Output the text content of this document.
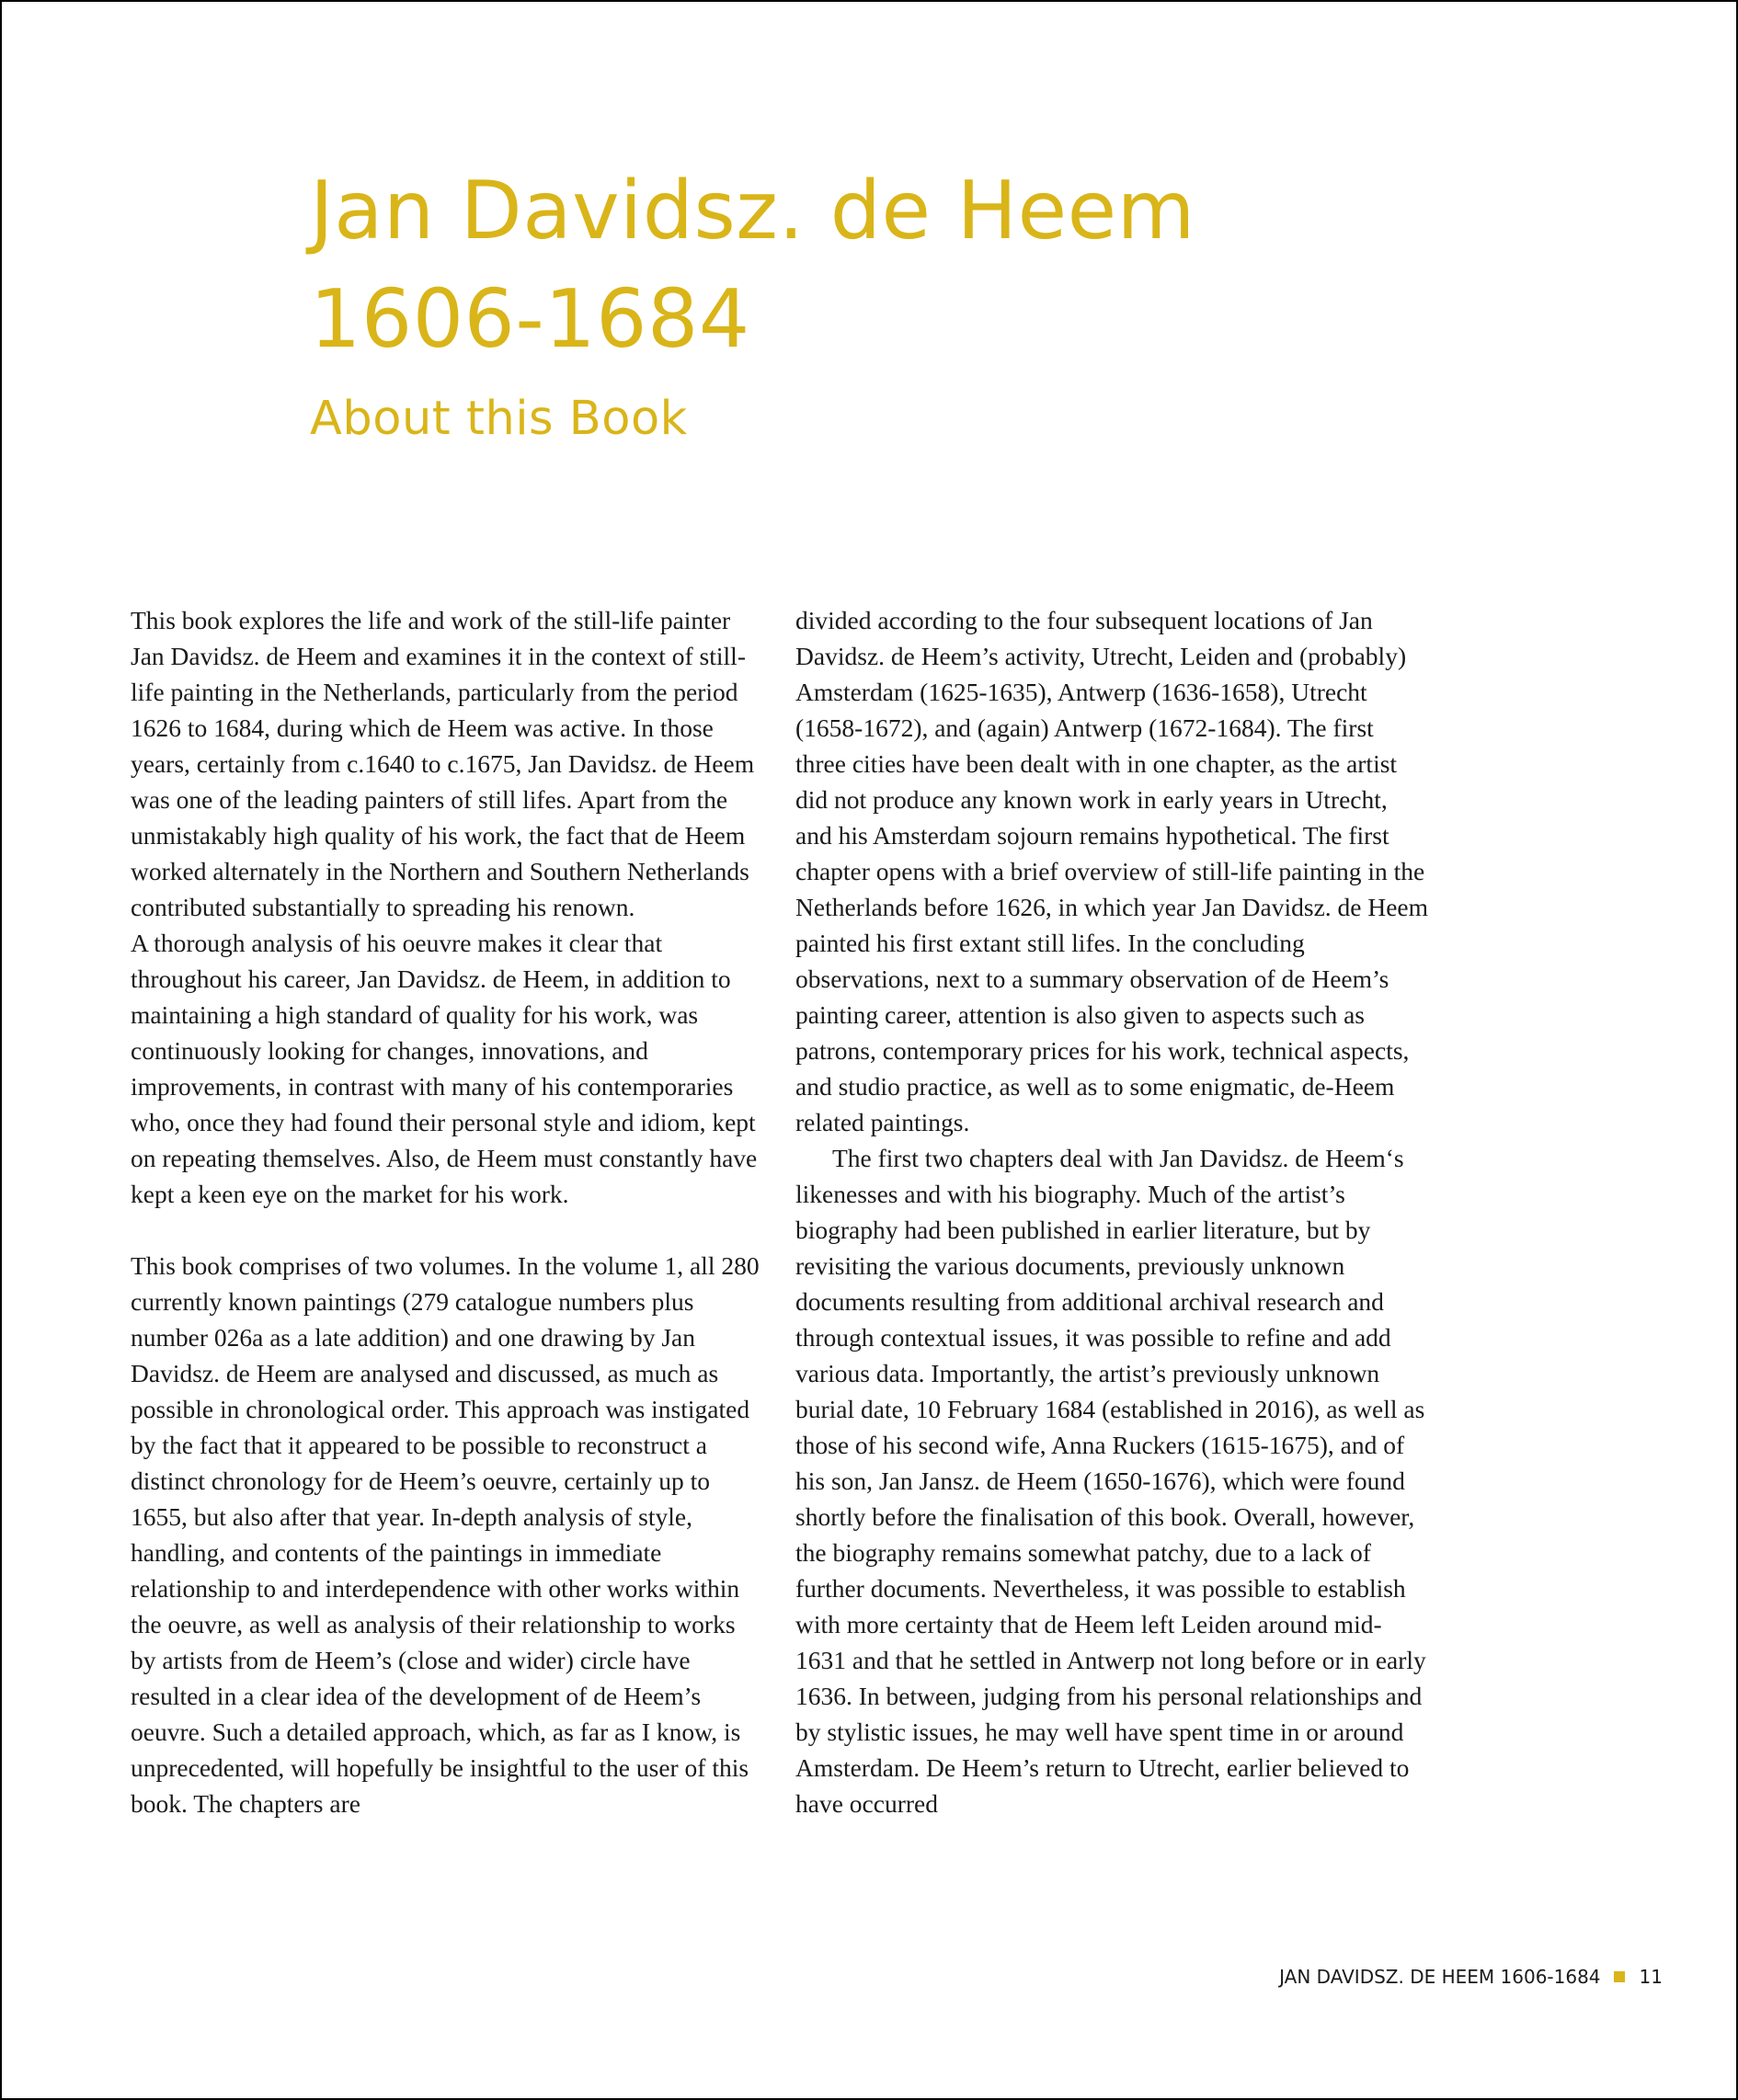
Jan Davidsz. de Heem
1606-1684
About this Book

This book explores the life and work of the still-life painter Jan Davidsz. de Heem and examines it in the context of still-life painting in the Netherlands, particularly from the period 1626 to 1684, during which de Heem was active. In those years, certainly from c.1640 to c.1675, Jan Davidsz. de Heem was one of the leading painters of still lifes. Apart from the unmistakably high quality of his work, the fact that de Heem worked alternately in the Northern and Southern Netherlands contributed substantially to spreading his renown.

A thorough analysis of his oeuvre makes it clear that throughout his career, Jan Davidsz. de Heem, in addition to maintaining a high standard of quality for his work, was continuously looking for changes, innovations, and improvements, in contrast with many of his contemporaries who, once they had found their personal style and idiom, kept on repeating themselves. Also, de Heem must constantly have kept a keen eye on the market for his work.

This book comprises of two volumes. In the volume 1, all 280 currently known paintings (279 catalogue numbers plus number 026a as a late addition) and one drawing by Jan Davidsz. de Heem are analysed and discussed, as much as possible in chronological order. This approach was instigated by the fact that it appeared to be possible to reconstruct a distinct chronology for de Heem’s oeuvre, certainly up to 1655, but also after that year. In-depth analysis of style, handling, and contents of the paintings in immediate relationship to and interdependence with other works within the oeuvre, as well as analysis of their relationship to works by artists from de Heem’s (close and wider) circle have resulted in a clear idea of the development of de Heem’s oeuvre. Such a detailed approach, which, as far as I know, is unprecedented, will hopefully be insightful to the user of this book. The chapters are

divided according to the four subsequent locations of Jan Davidsz. de Heem’s activity, Utrecht, Leiden and (probably) Amsterdam (1625-1635), Antwerp (1636-1658), Utrecht (1658-1672), and (again) Antwerp (1672-1684). The first three cities have been dealt with in one chapter, as the artist did not produce any known work in early years in Utrecht, and his Amsterdam sojourn remains hypothetical. The first chapter opens with a brief overview of still-life painting in the Netherlands before 1626, in which year Jan Davidsz. de Heem painted his first extant still lifes. In the concluding observations, next to a summary observation of de Heem’s painting career, attention is also given to aspects such as patrons, contemporary prices for his work, technical aspects, and studio practice, as well as to some enigmatic, de-Heem related paintings.

The first two chapters deal with Jan Davidsz. de Heem‘s likenesses and with his biography. Much of the artist’s biography had been published in earlier literature, but by revisiting the various documents, previously unknown documents resulting from additional archival research and through contextual issues, it was possible to refine and add various data. Importantly, the artist’s previously unknown burial date, 10 February 1684 (established in 2016), as well as those of his second wife, Anna Ruckers (1615-1675), and of his son, Jan Jansz. de Heem (1650-1676), which were found shortly before the finalisation of this book. Overall, however, the biography remains somewhat patchy, due to a lack of further documents. Nevertheless, it was possible to establish with more certainty that de Heem left Leiden around mid-1631 and that he settled in Antwerp not long before or in early 1636. In between, judging from his personal relationships and by stylistic issues, he may well have spent time in or around Amsterdam. De Heem’s return to Utrecht, earlier believed to have occurred

JAN DAVIDSZ. DE HEEM 1606-1684 11
